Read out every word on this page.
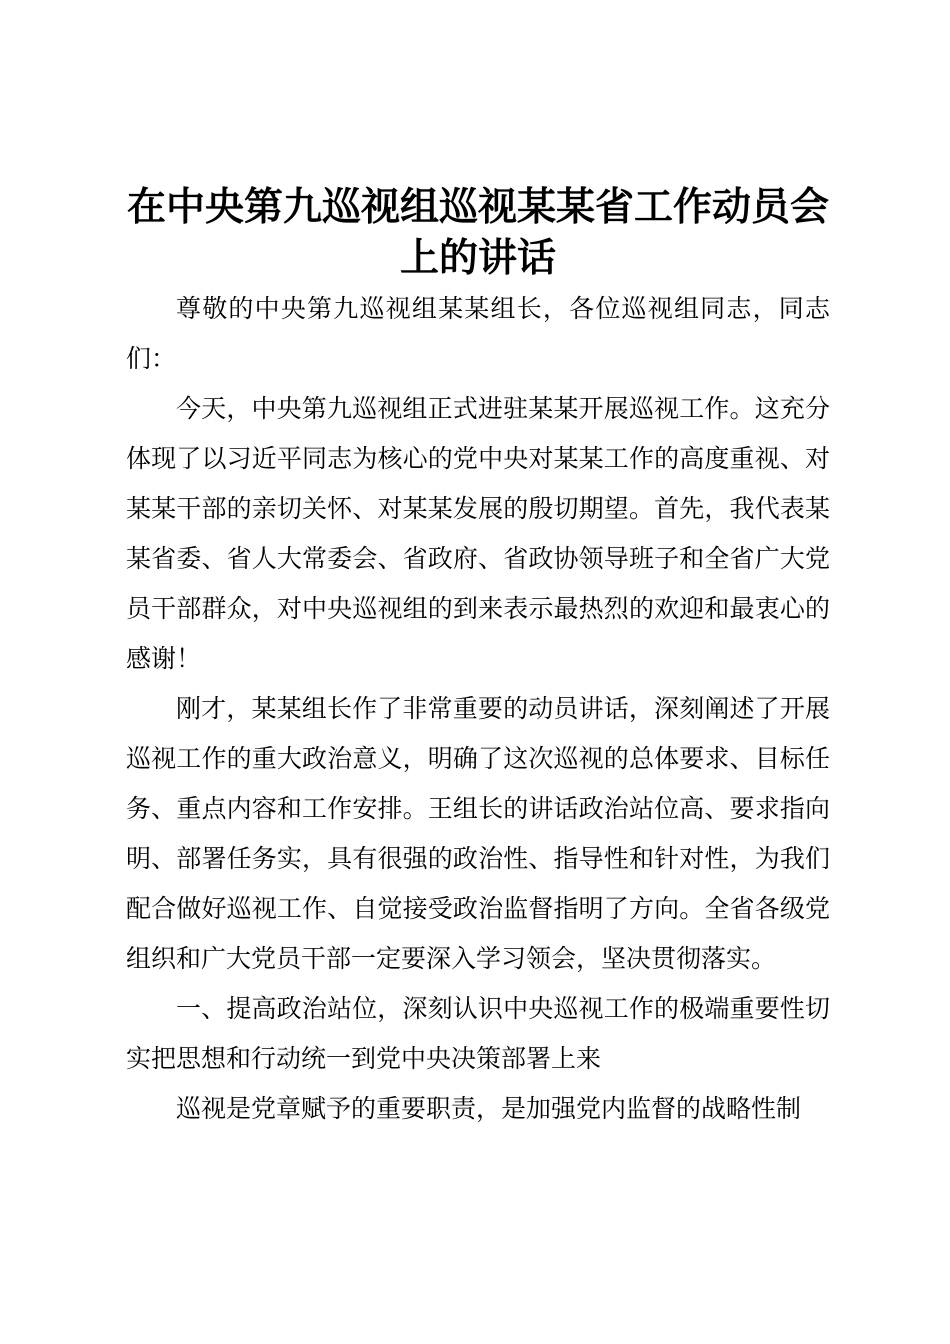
在中央第九巡视组巡视某某省工作动员会上的讲话

尊敬的中央第九巡视组某某组长，各位巡视组同志，同志们：

今天，中央第九巡视组正式进驻某某开展巡视工作。这充分体现了以习近平同志为核心的党中央对某某工作的高度重视、对某某干部的亲切关怀、对某某发展的殷切期望。首先，我代表某某省委、省人大常委会、省政府、省政协领导班子和全省广大党员干部群众，对中央巡视组的到来表示最热烈的欢迎和最衷心的感谢！

刚才，某某组长作了非常重要的动员讲话，深刻阐述了开展巡视工作的重大政治意义，明确了这次巡视的总体要求、目标任务、重点内容和工作安排。王组长的讲话政治站位高、要求指向明、部署任务实，具有很强的政治性、指导性和针对性，为我们配合做好巡视工作、自觉接受政治监督指明了方向。全省各级党组织和广大党员干部一定要深入学习领会，坚决贯彻落实。

一、提高政治站位，深刻认识中央巡视工作的极端重要性切实把思想和行动统一到党中央决策部署上来

巡视是党章赋予的重要职责，是加强党内监督的战略性制
